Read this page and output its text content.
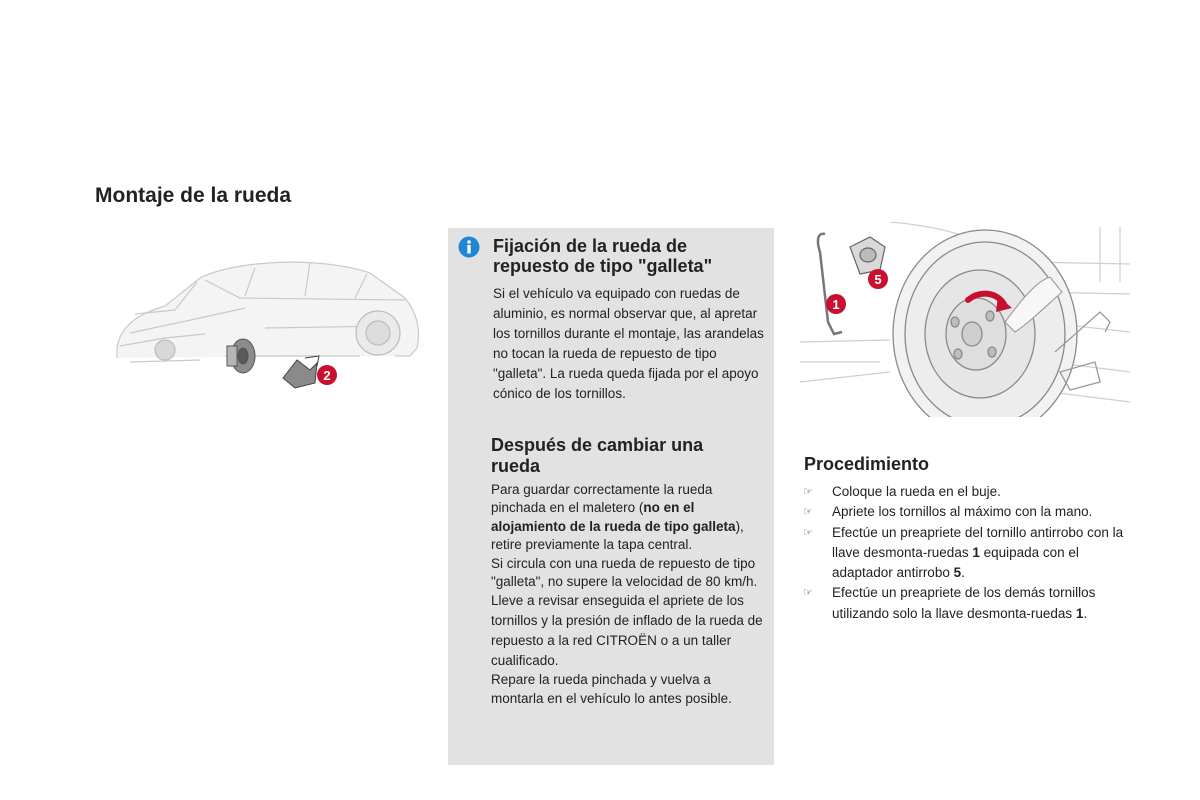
Montaje de la rueda
2
Fijación de la rueda de
repuesto de tipo "galleta"

Si el vehículo va equipado con ruedas de aluminio, es normal observar que, al apretar los tornillos durante el montaje, las arandelas no tocan la rueda de repuesto de tipo "galleta". La rueda queda fijada por el apoyo cónico de los tornillos.

Después de cambiar una
rueda

Para guardar correctamente la rueda pinchada en el maletero (no en el alojamiento de la rueda de tipo galleta), retire previamente la tapa central.

Si circula con una rueda de repuesto de tipo "galleta", no supere la velocidad de 80 km/h.

Lleve a revisar enseguida el apriete de los tornillos y la presión de inflado de la rueda de repuesto a la red CITROËN o a un taller cualificado.

Repare la rueda pinchada y vuelva a montarla en el vehículo lo antes posible.

5
1
Procedimiento
☞ Coloque la rueda en el buje.
☞ Apriete los tornillos al máximo con la mano.
☞ Efectúe un preapriete del tornillo antirrobo con la llave desmonta-ruedas 1 equipada con el adaptador antirrobo 5.
☞ Efectúe un preapriete de los demás tornillos utilizando solo la llave desmonta-ruedas 1.
